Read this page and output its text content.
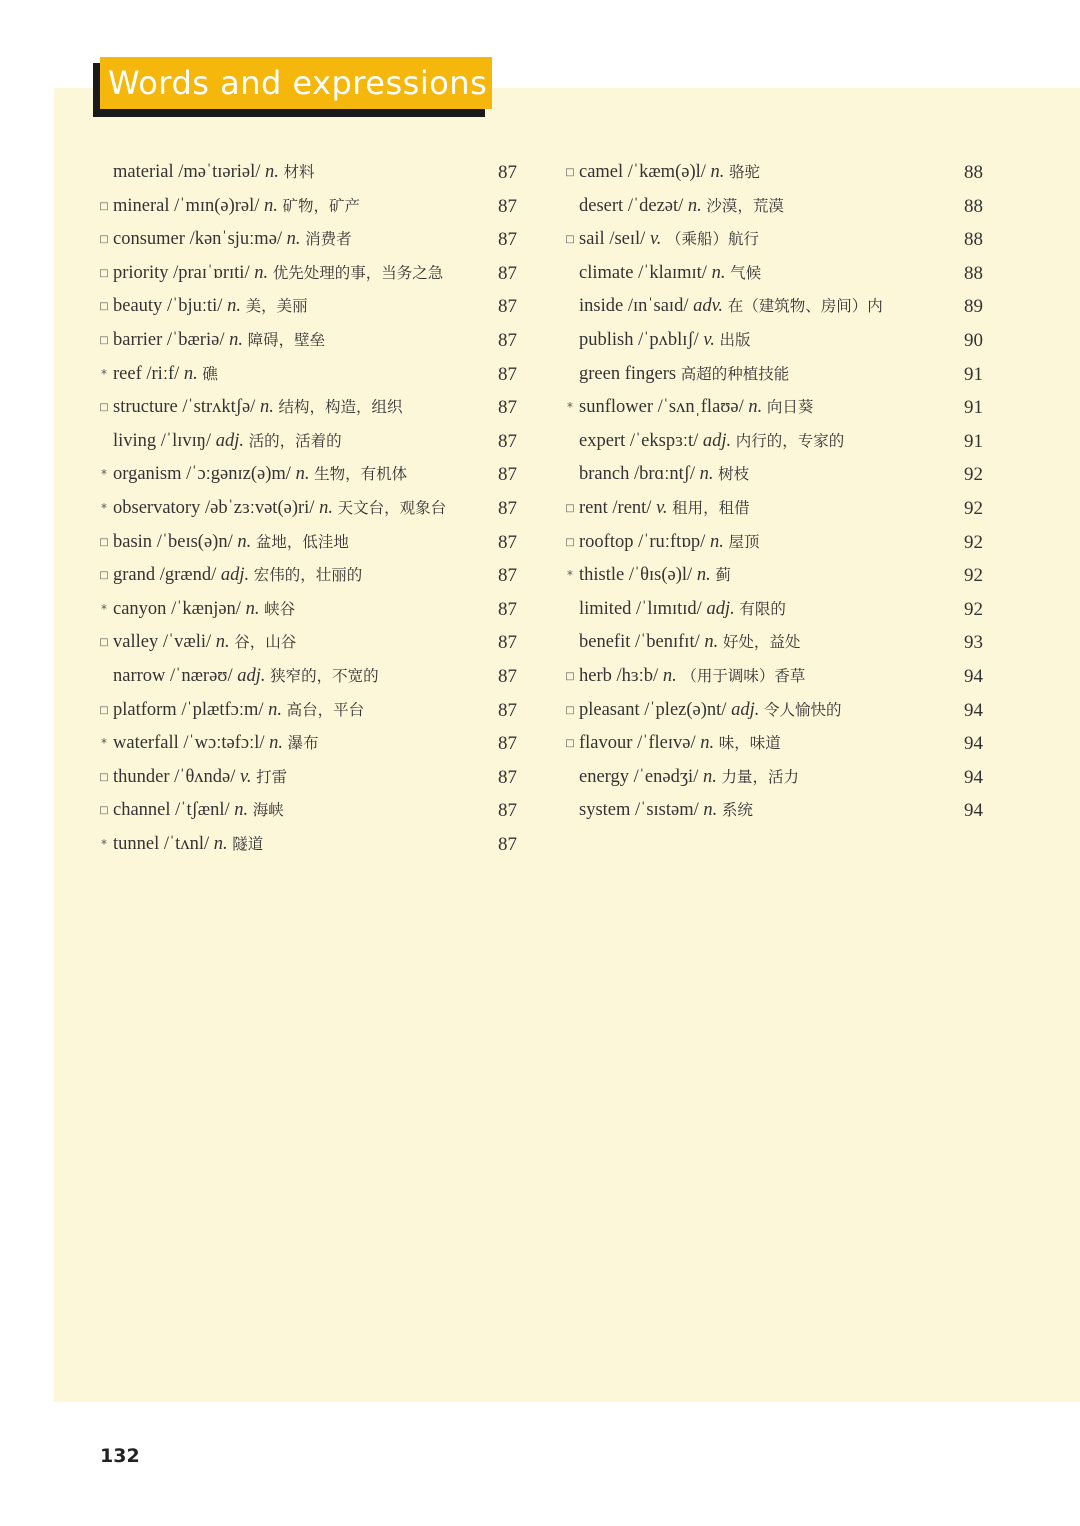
Words and expressions
material /məˈtɪəriəl/ n. 材料	87
□ mineral /ˈmɪn(ə)rəl/ n. 矿物，矿产	87
□ consumer /kənˈsjuːmə/ n. 消费者	87
□ priority /praɪˈɒrɪti/ n. 优先处理的事，当务之急	87
□ beauty /ˈbjuːti/ n. 美，美丽	87
□ barrier /ˈbæriə/ n. 障碍，壁垒	87
* reef /riːf/ n. 礁	87
□ structure /ˈstrʌktʃə/ n. 结构，构造，组织	87
living /ˈlɪvɪŋ/ adj. 活的，活着的	87
* organism /ˈɔːgənɪz(ə)m/ n. 生物，有机体	87
* observatory /əbˈzɜːvət(ə)ri/ n. 天文台，观象台	87
□ basin /ˈbeɪs(ə)n/ n. 盆地，低洼地	87
□ grand /grænd/ adj. 宏伟的，壮丽的	87
* canyon /ˈkænjən/ n. 峡谷	87
□ valley /ˈvæli/ n. 谷，山谷	87
narrow /ˈnærəʊ/ adj. 狭窄的，不宽的	87
□ platform /ˈplætfɔːm/ n. 高台，平台	87
* waterfall /ˈwɔːtəfɔːl/ n. 瀑布	87
□ thunder /ˈθʌndə/ v. 打雷	87
□ channel /ˈtʃænl/ n. 海峡	87
* tunnel /ˈtʌnl/ n. 隧道	87
□ camel /ˈkæm(ə)l/ n. 骆驼	88
desert /ˈdezət/ n. 沙漠，荒漠	88
□ sail /seɪl/ v. （乘船）航行	88
climate /ˈklaɪmɪt/ n. 气候	88
inside /ɪnˈsaɪd/ adv. 在（建筑物、房间）内	89
publish /ˈpʌblɪʃ/ v. 出版	90
green fingers 高超的种植技能	91
* sunflower /ˈsʌnˌflaʊə/ n. 向日葵	91
expert /ˈekspɜːt/ adj. 内行的，专家的	91
branch /brɑːntʃ/ n. 树枝	92
□ rent /rent/ v. 租用，租借	92
□ rooftop /ˈruːftɒp/ n. 屋顶	92
* thistle /ˈθɪs(ə)l/ n. 蓟	92
limited /ˈlɪmɪtɪd/ adj. 有限的	92
benefit /ˈbenɪfɪt/ n. 好处，益处	93
□ herb /hɜːb/ n. （用于调味）香草	94
□ pleasant /ˈplez(ə)nt/ adj. 令人愉快的	94
□ flavour /ˈfleɪvə/ n. 味，味道	94
energy /ˈenədʒi/ n. 力量，活力	94
system /ˈsɪstəm/ n. 系统	94
132
